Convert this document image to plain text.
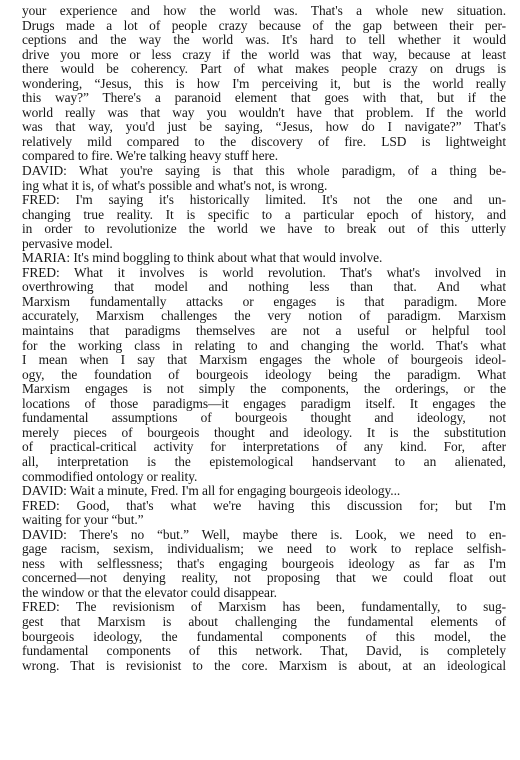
your experience and how the world was. That's a whole new situation.
Drugs made a lot of people crazy because of the gap between their per-
ceptions and the way the world was. It's hard to tell whether it would
drive you more or less crazy if the world was that way, because at least
there would be coherency. Part of what makes people crazy on drugs is
wondering, “Jesus, this is how I'm perceiving it, but is the world really
this way?” There's a paranoid element that goes with that, but if the
world really was that way you wouldn't have that problem. If the world
was that way, you'd just be saying, “Jesus, how do I navigate?” That's
relatively mild compared to the discovery of fire. LSD is lightweight
compared to fire. We're talking heavy stuff here.
DAVID: What you're saying is that this whole paradigm, of a thing be-
ing what it is, of what's possible and what's not, is wrong.
FRED: I'm saying it's historically limited. It's not the one and un-
changing true reality. It is specific to a particular epoch of history, and
in order to revolutionize the world we have to break out of this utterly
pervasive model.
MARIA: It's mind boggling to think about what that would involve.
FRED: What it involves is world revolution. That's what's involved in
overthrowing that model and nothing less than that. And what
Marxism fundamentally attacks or engages is that paradigm. More
accurately, Marxism challenges the very notion of paradigm. Marxism
maintains that paradigms themselves are not a useful or helpful tool
for the working class in relating to and changing the world. That's what
I mean when I say that Marxism engages the whole of bourgeois ideol-
ogy, the foundation of bourgeois ideology being the paradigm. What
Marxism engages is not simply the components, the orderings, or the
locations of those paradigms—it engages paradigm itself. It engages the
fundamental assumptions of bourgeois thought and ideology, not
merely pieces of bourgeois thought and ideology. It is the substitution
of practical-critical activity for interpretations of any kind. For, after
all, interpretation is the epistemological handservant to an alienated,
commodified ontology or reality.
DAVID: Wait a minute, Fred. I'm all for engaging bourgeois ideology...
FRED: Good, that's what we're having this discussion for; but I'm
waiting for your “but.”
DAVID: There's no “but.” Well, maybe there is. Look, we need to en-
gage racism, sexism, individualism; we need to work to replace selfish-
ness with selflessness; that's engaging bourgeois ideology as far as I'm
concerned—not denying reality, not proposing that we could float out
the window or that the elevator could disappear.
FRED: The revisionism of Marxism has been, fundamentally, to sug-
gest that Marxism is about challenging the fundamental elements of
bourgeois ideology, the fundamental components of this model, the
fundamental components of this network. That, David, is completely
wrong. That is revisionist to the core. Marxism is about, at an ideological
